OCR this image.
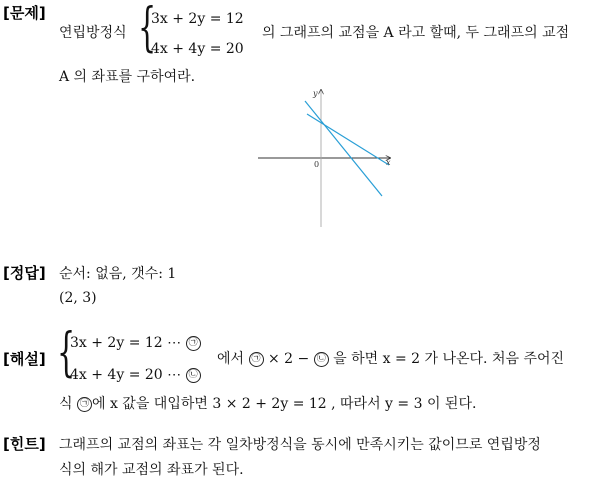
[문제]
연립방정식 {
3x + 2y = 12
4x + 4y = 20
의 그래프의 교점을 A 라고 할때, 두 그래프의 교점
A 의 좌표를 구하여라.
y
x
0
[정답] 순서: 없음, 갯수: 1
(2, 3)
[해설] {
3x + 2y = 12 ⋯ ㉠
4x + 4y = 20 ⋯ ㉡
에서 ㉠ × 2 − ㉡ 을 하면 x = 2 가 나온다. 처음 주어진
식 ㉠ 에 x 값을 대입하면 3 × 2 + 2y = 12 , 따라서 y = 3 이 된다.
[힌트] 그래프의 교점의 좌표는 각 일차방정식을 동시에 만족시키는 값이므로 연립방정
식의 해가 교점의 좌표가 된다.
